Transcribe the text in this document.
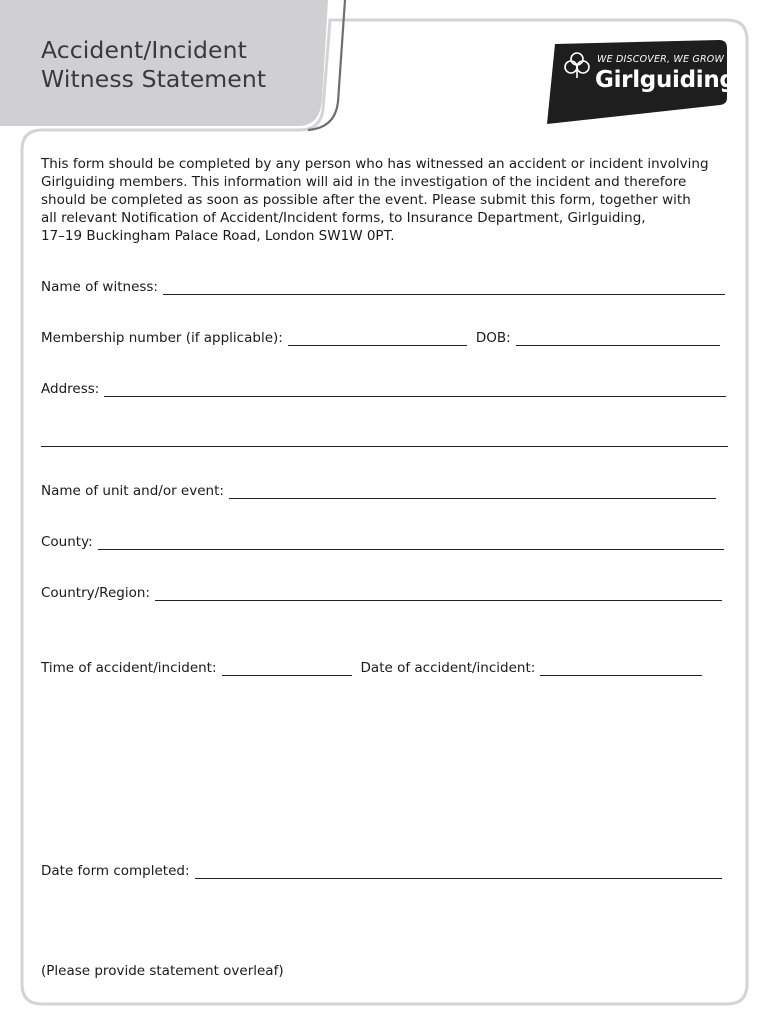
Accident/Incident
Witness Statement
WE DISCOVER, WE GROW
Girlguiding
This form should be completed by any person who has witnessed an accident or incident involving
Girlguiding members. This information will aid in the investigation of the incident and therefore
should be completed as soon as possible after the event. Please submit this form, together with
all relevant Notification of Accident/Incident forms, to Insurance Department, Girlguiding,
17–19 Buckingham Palace Road, London SW1W 0PT.
Name of witness:
Membership number (if applicable):	DOB:
Address:
Name of unit and/or event:
County:
Country/Region:
Time of accident/incident:	Date of accident/incident:
Date form completed:
(Please provide statement overleaf)
